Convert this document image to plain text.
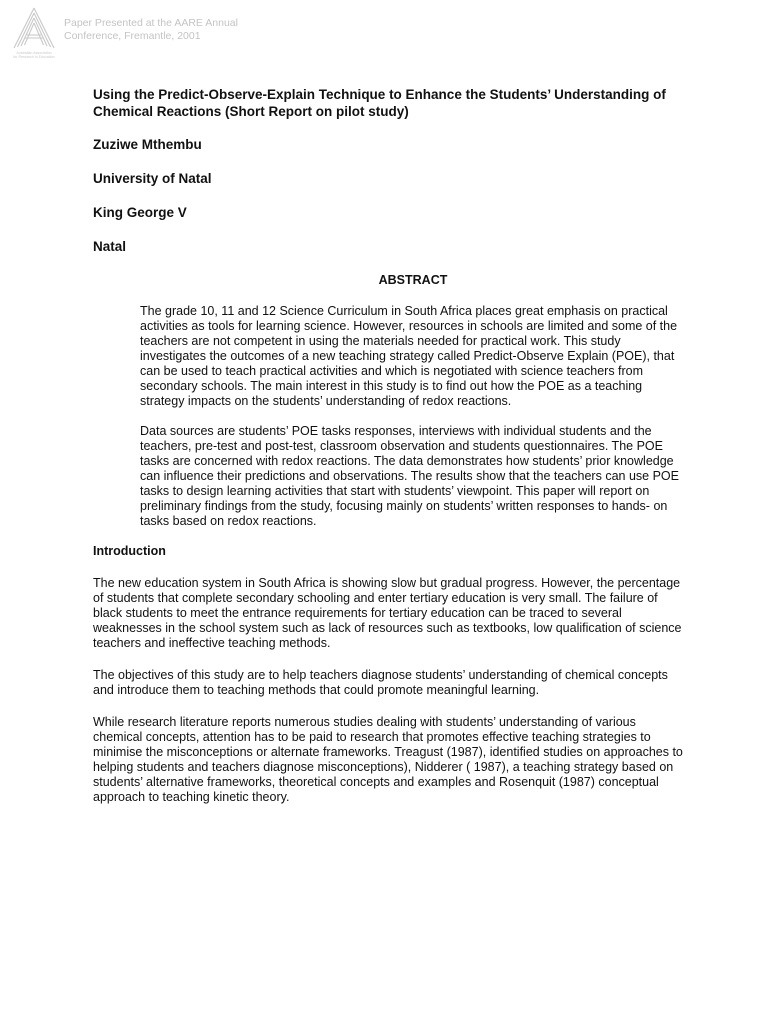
Australian Association
for Research in Education
Paper Presented at the AARE Annual
Conference, Fremantle, 2001
Using the Predict-Observe-Explain Technique to Enhance the Students’ Understanding of Chemical Reactions (Short Report on pilot study)
Zuziwe Mthembu
University of Natal
King George V
Natal
ABSTRACT
The grade 10, 11 and 12 Science Curriculum in South Africa places great emphasis on practical activities as tools for learning science. However, resources in schools are limited and some of the teachers are not competent in using the materials needed for practical work. This study investigates the outcomes of a new teaching strategy called Predict-Observe Explain (POE), that can be used to teach practical activities and which is negotiated with science teachers from secondary schools. The main interest in this study is to find out how the POE as a teaching strategy impacts on the students’ understanding of redox reactions.
Data sources are students’ POE tasks responses, interviews with individual students and the teachers, pre-test and post-test, classroom observation and students questionnaires. The POE tasks are concerned with redox reactions. The data demonstrates how students’ prior knowledge can influence their predictions and observations. The results show that the teachers can use POE tasks to design learning activities that start with students’ viewpoint. This paper will report on preliminary findings from the study, focusing mainly on students’ written responses to hands- on tasks based on redox reactions.
Introduction
The new education system in South Africa is showing slow but gradual progress. However, the percentage of students that complete secondary schooling and enter tertiary education is very small. The failure of black students to meet the entrance requirements for tertiary education can be traced to several weaknesses in the school system such as lack of resources such as textbooks, low qualification of science teachers and ineffective teaching methods.
The objectives of this study are to help teachers diagnose students’ understanding of chemical concepts and introduce them to teaching methods that could promote meaningful learning.
While research literature reports numerous studies dealing with students’ understanding of various chemical concepts, attention has to be paid to research that promotes effective teaching strategies to minimise the misconceptions or alternate frameworks. Treagust (1987), identified studies on approaches to helping students and teachers diagnose misconceptions), Nidderer ( 1987), a teaching strategy based on students’ alternative frameworks, theoretical concepts and examples and Rosenquit (1987) conceptual approach to teaching kinetic theory.
